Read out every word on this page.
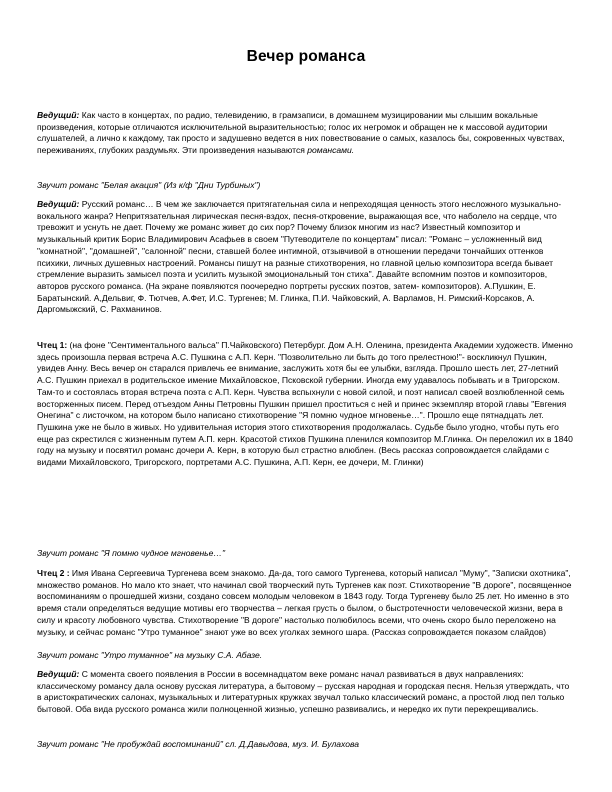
Вечер романса

Ведущий: Как часто в концертах, по радио, телевидению, в грамзаписи, в домашнем музицировании мы слышим вокальные произведения, которые отличаются исключительной выразительностью; голос их негромок и обращен не к массовой аудитории слушателей, а лично к каждому, так просто и задушевно ведется в них повествование о самых, казалось бы, сокровенных чувствах, переживаниях, глубоких раздумьях. Эти произведения называются романсами.

Звучит романс "Белая акация" (Из к/ф "Дни Турбиных")

Ведущий: Русский романс… В чем же заключается притягательная сила и непреходящая ценность этого несложного музыкально-вокального жанра? Непритязательная лирическая песня-вздох, песня-откровение, выражающая все, что наболело на сердце, что тревожит и уснуть не дает. Почему же романс живет до сих пор? Почему близок многим из нас? Известный композитор и музыкальный критик Борис Владимирович Асафьев в своем "Путеводителе по концертам" писал: "Романс – усложненный вид "комнатной", "домашней", "салонной" песни, ставшей более интимной, отзывчивой в отношении передачи тончайших оттенков психики, личных душевных настроений. Романсы пишут на разные стихотворения, но главной целью композитора всегда бывает стремление выразить замысел поэта и усилить музыкой эмоциональный тон стиха". Давайте вспомним поэтов и композиторов, авторов русского романса. (На экране появляются поочередно портреты русских поэтов, затем- композиторов). А.Пушкин, Е. Баратынский. А,Дельвиг, Ф. Тютчев, А.Фет, И.С. Тургенев; М. Глинка, П.И. Чайковский, А. Варламов, Н. Римский-Корсаков, А. Даргомыжский, С. Рахманинов.

Чтец 1: (на фоне "Сентиментального вальса" П.Чайковского) Петербург. Дом А.Н. Оленина, президента Академии художеств. Именно здесь произошла первая встреча А.С. Пушкина с А.П. Керн. "Позволительно ли быть до того прелестною!"- воскликнул Пушкин, увидев Анну. Весь вечер он старался привлечь ее внимание, заслужить хотя бы ее улыбки, взгляда. Прошло шесть лет, 27-летний А.С. Пушкин приехал в родительское имение Михайловское, Псковской губернии. Иногда ему удавалось побывать и в Тригорском. Там-то и состоялась вторая встреча поэта с А.П. Керн. Чувства вспыхнули с новой силой, и поэт написал своей возлюбленной семь восторженных писем. Перед отъездом Анны Петровны Пушкин пришел проститься с ней и принес экземпляр второй главы "Евгения Онегина" с листочком, на котором было написано стихотворение "Я помню чудное мгновенье…". Прошло еще пятнадцать лет. Пушкина уже не было в живых. Но удивительная история этого стихотворения продолжалась. Судьбе было угодно, чтобы путь его еще раз скрестился с жизненным путем А.П. керн. Красотой стихов Пушкина пленился композитор М.Глинка. Он переложил их в 1840 году на музыку и посвятил романс дочери А. Керн, в которую был страстно влюблен. (Весь рассказ сопровождается слайдами с видами Михайловского, Тригорского, портретами А.С. Пушкина, А.П. Керн, ее дочери, М. Глинки)

Звучит романс "Я помню чудное мгновенье…"

Чтец 2 : Имя Ивана Сергеевича Тургенева всем знакомо. Да-да, того самого Тургенева, который написал "Муму", "Записки охотника", множество романов. Но мало кто знает, что начинал свой творческий путь Тургенев как поэт. Стихотворение "В дороге", посвященное воспоминаниям о прошедшей жизни, создано совсем молодым человеком в 1843 году. Тогда Тургеневу было 25 лет. Но именно в это время стали определяться ведущие мотивы его творчества – легкая грусть о былом, о быстротечности человеческой жизни, вера в силу и красоту любовного чувства. Стихотворение "В дороге" настолько полюбилось всеми, что очень скоро было переложено на музыку, и сейчас романс "Утро туманное" знают уже во всех уголках земного шара. (Рассказ сопровождается показом слайдов)

Звучит романс "Утро туманное" на музыку С.А. Абазе.

Ведущий: С момента своего появления в России в восемнадцатом веке романс начал развиваться в двух направлениях: классическому романсу дала основу русская литература, а бытовому – русская народная и городская песня. Нельзя утверждать, что в аристократических салонах, музыкальных и литературных кружках звучал только классический романс, а простой люд пел только бытовой. Оба вида русского романса жили полноценной жизнью, успешно развивались, и нередко их пути перекрещивались.

Звучит романс "Не пробуждай воспоминаний" сл. Д.Давыдова, муз. И. Булахова
